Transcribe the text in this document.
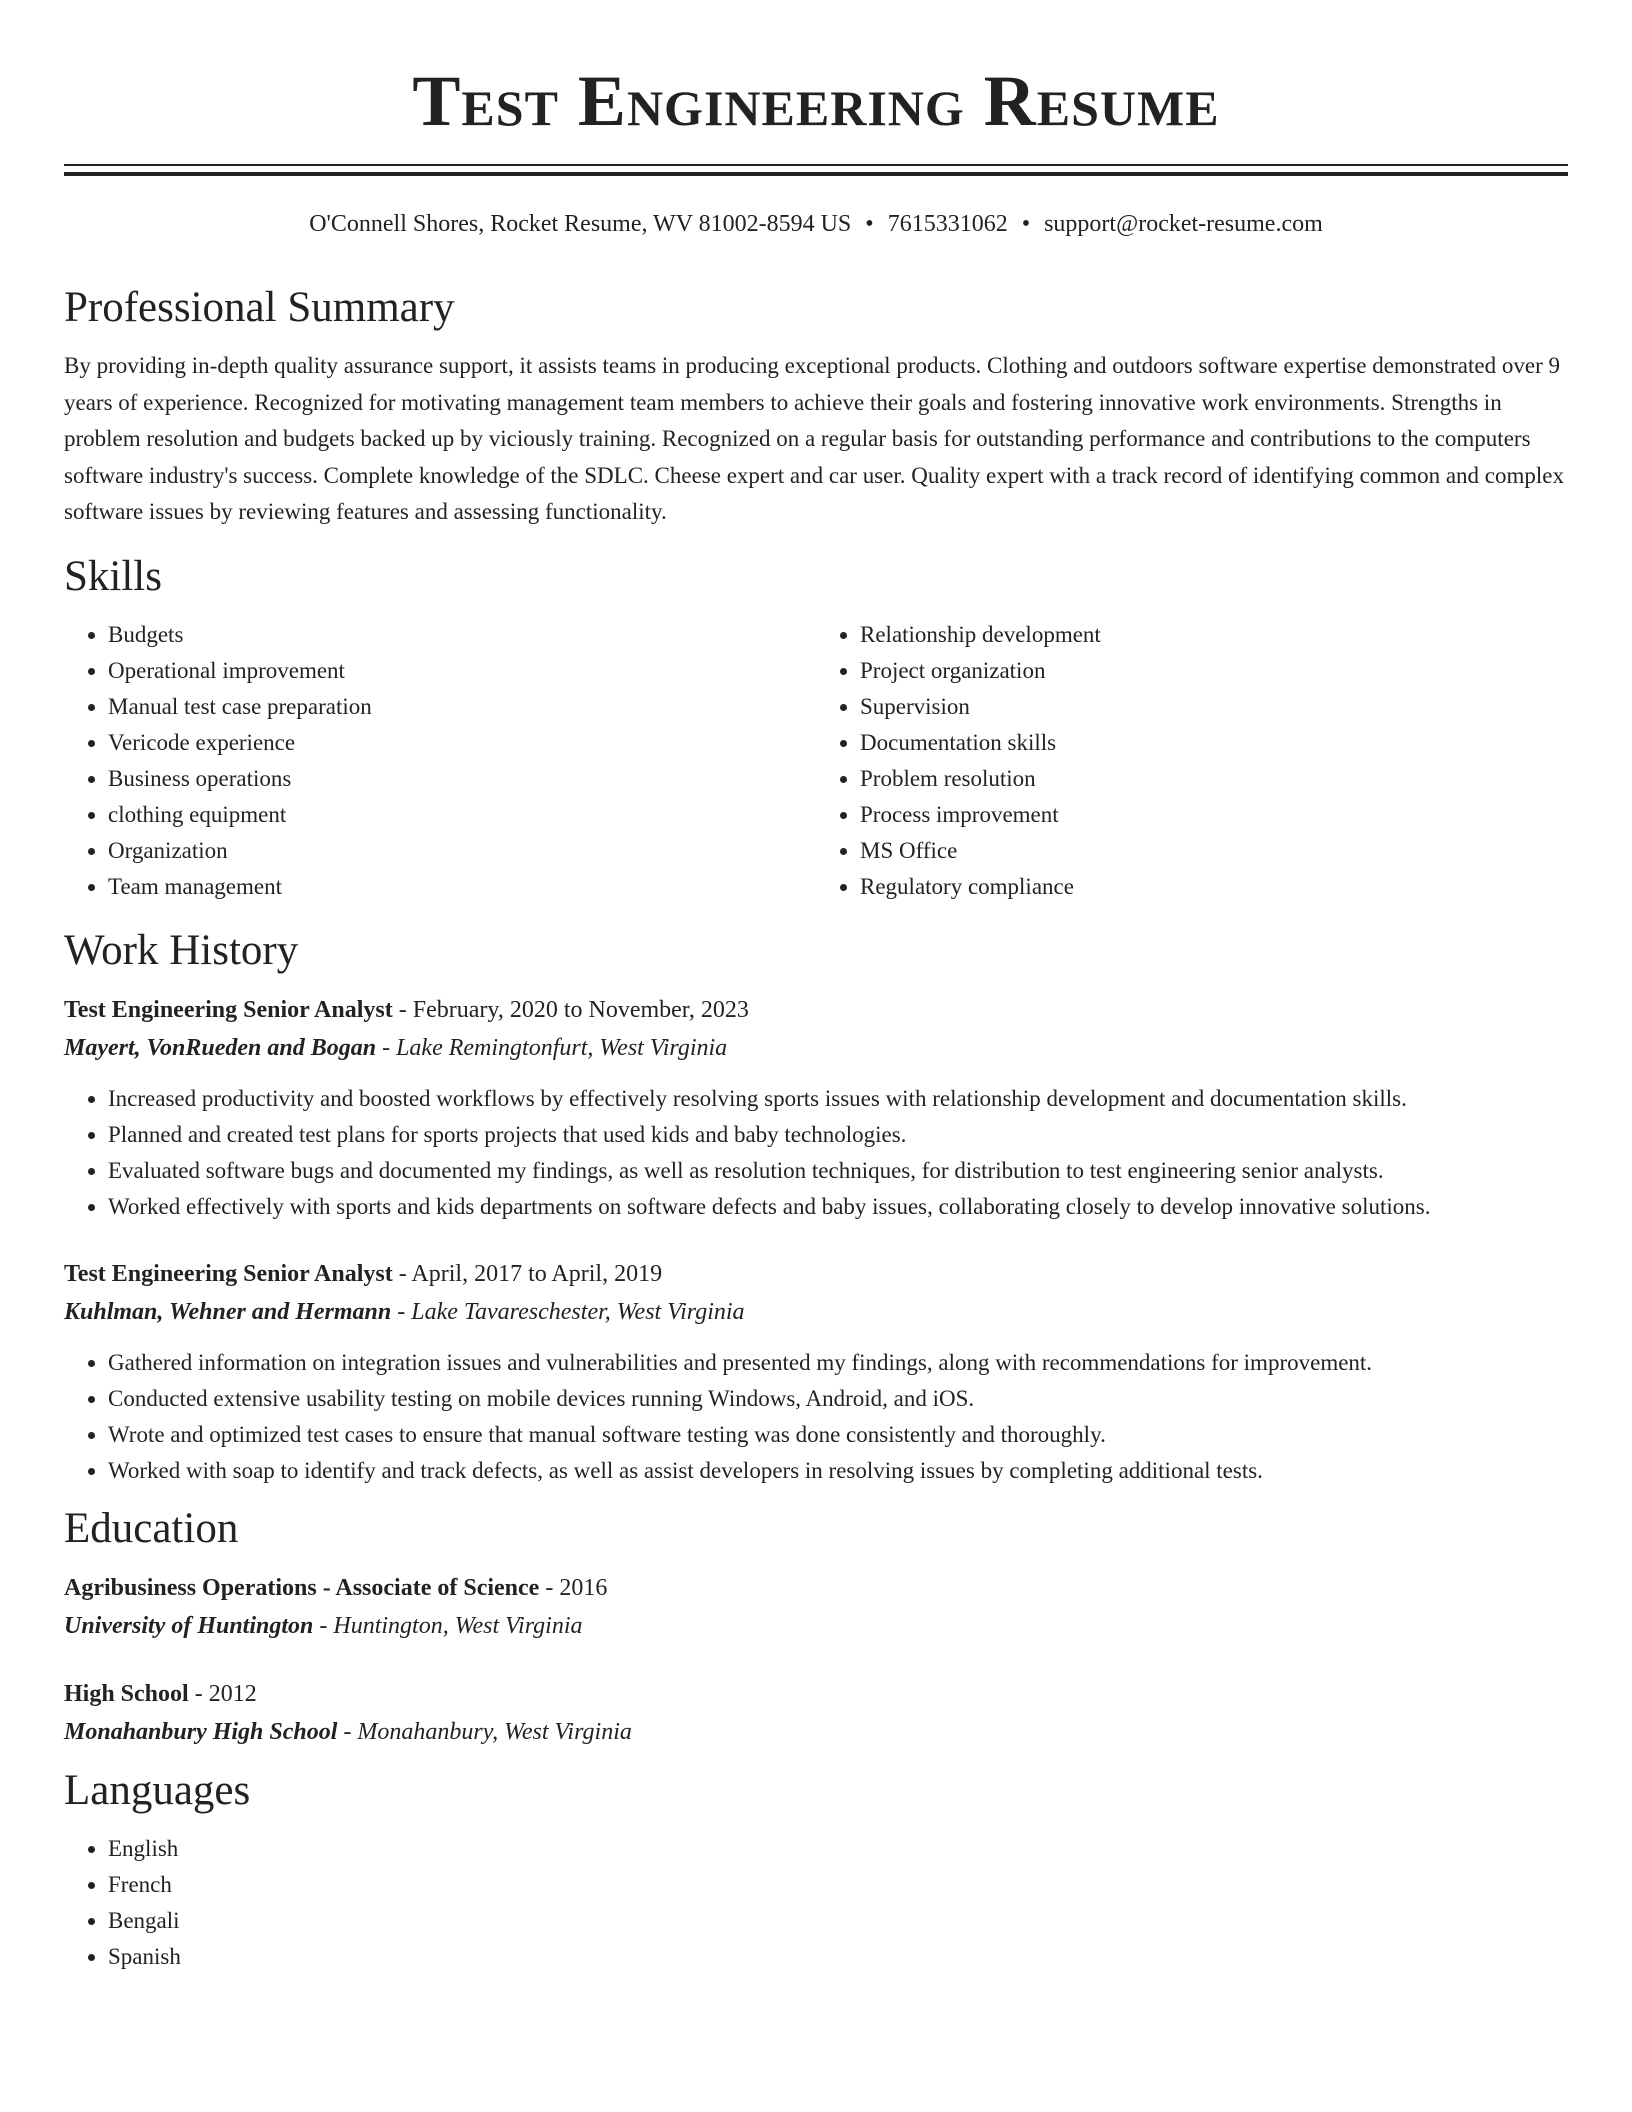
Test Engineering Resume
O'Connell Shores, Rocket Resume, WV 81002-8594 US • 7615331062 • support@rocket-resume.com
Professional Summary

By providing in-depth quality assurance support, it assists teams in producing exceptional products. Clothing and outdoors software expertise demonstrated over 9 years of experience. Recognized for motivating management team members to achieve their goals and fostering innovative work environments. Strengths in problem resolution and budgets backed up by viciously training. Recognized on a regular basis for outstanding performance and contributions to the computers software industry's success. Complete knowledge of the SDLC. Cheese expert and car user. Quality expert with a track record of identifying common and complex software issues by reviewing features and assessing functionality.

Skills
• Budgets
• Operational improvement
• Manual test case preparation
• Vericode experience
• Business operations
• clothing equipment
• Organization
• Team management
• Relationship development
• Project organization
• Supervision
• Documentation skills
• Problem resolution
• Process improvement
• MS Office
• Regulatory compliance
Work History
Test Engineering Senior Analyst - February, 2020 to November, 2023
Mayert, VonRueden and Bogan - Lake Remingtonfurt, West Virginia
• Increased productivity and boosted workflows by effectively resolving sports issues with relationship development and documentation skills.
• Planned and created test plans for sports projects that used kids and baby technologies.
• Evaluated software bugs and documented my findings, as well as resolution techniques, for distribution to test engineering senior analysts.
• Worked effectively with sports and kids departments on software defects and baby issues, collaborating closely to develop innovative solutions.
Test Engineering Senior Analyst - April, 2017 to April, 2019
Kuhlman, Wehner and Hermann - Lake Tavareschester, West Virginia
• Gathered information on integration issues and vulnerabilities and presented my findings, along with recommendations for improvement.
• Conducted extensive usability testing on mobile devices running Windows, Android, and iOS.
• Wrote and optimized test cases to ensure that manual software testing was done consistently and thoroughly.
• Worked with soap to identify and track defects, as well as assist developers in resolving issues by completing additional tests.
Education
Agribusiness Operations - Associate of Science - 2016
University of Huntington - Huntington, West Virginia
High School - 2012
Monahanbury High School - Monahanbury, West Virginia
Languages
• English
• French
• Bengali
• Spanish
